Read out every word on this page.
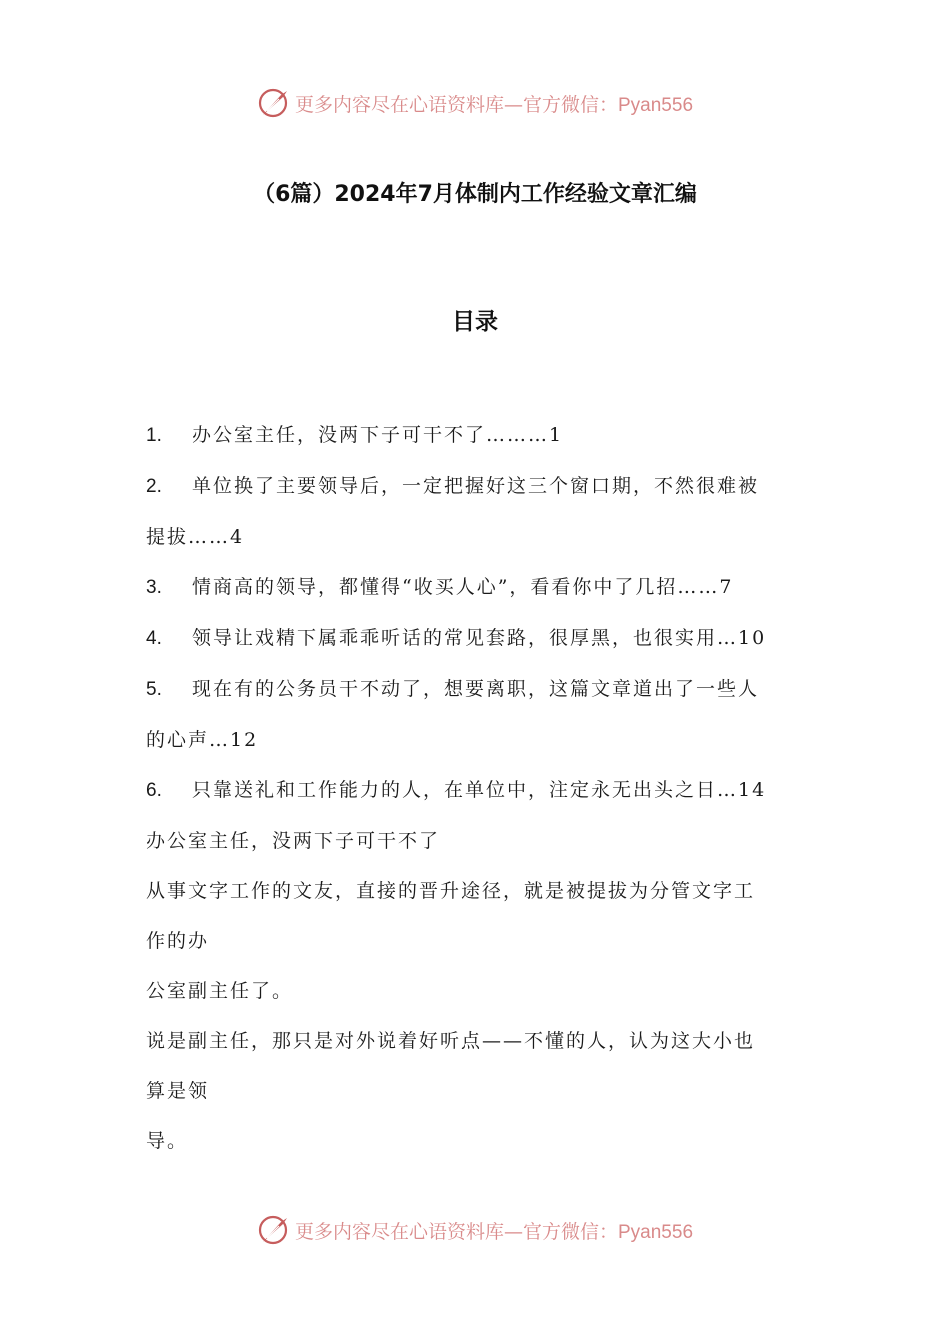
更多内容尽在心语资料库— 官方微信：Pyan556
（6篇）2024年7月体制内工作经验文章汇编
目录
1. 办公室主任，没两下子可干不了………1
2. 单位换了主要领导后，一定把握好这三个窗口期，不然很难被
提拔……4
3. 情商高的领导，都懂得“收买人心”，看看你中了几招……7
4. 领导让戏精下属乖乖听话的常见套路，很厚黑，也很实用…10
5. 现在有的公务员干不动了，想要离职，这篇文章道出了一些人
的心声…12
6. 只靠送礼和工作能力的人，在单位中，注定永无出头之日…14
办公室主任，没两下子可干不了
从事文字工作的文友，直接的晋升途径，就是被提拔为分管文字工
作的办
公室副主任了。
说是副主任，那只是对外说着好听点——不懂的人，认为这大小也
算是领
导。
更多内容尽在心语资料库— 官方微信：Pyan556
